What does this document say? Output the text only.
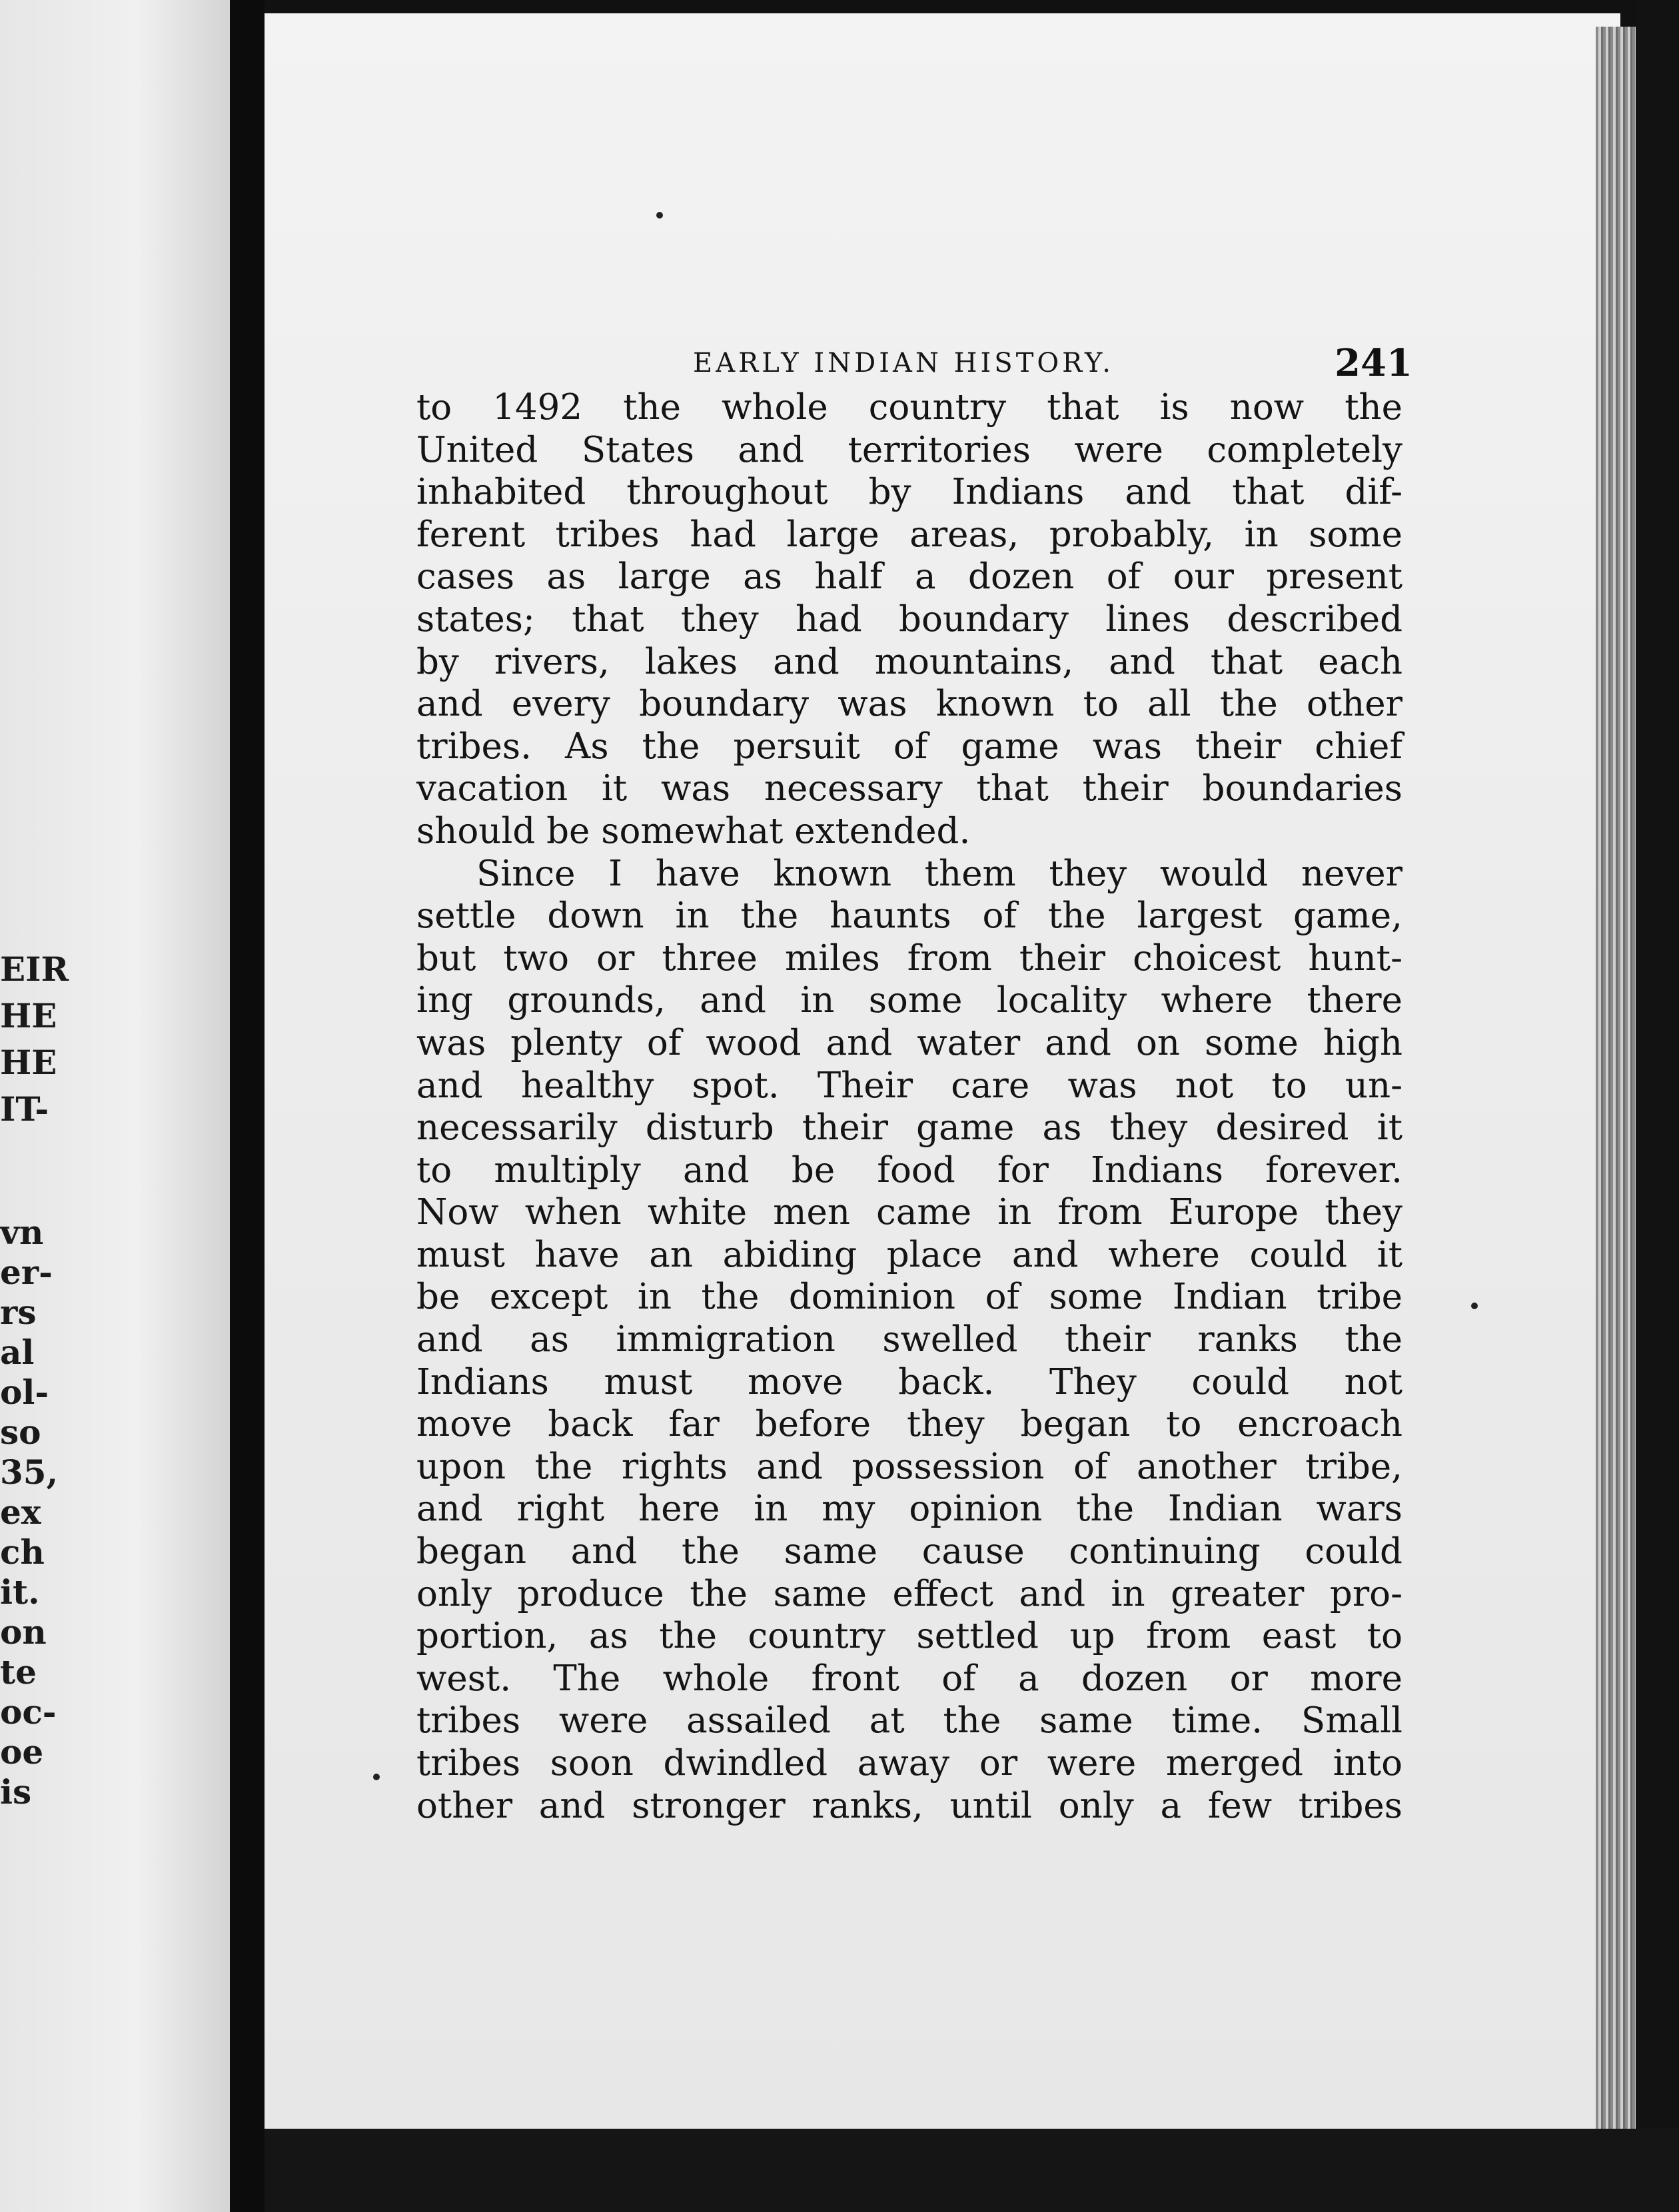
EIR
HE
HE
IT-
vn
er-
rs
al
ol-
so
35,
ex
ch
it.
on
te
oc-
oe
is
EARLY INDIAN HISTORY.	241
to 1492 the whole country that is now the
United States and territories were completely
inhabited throughout by Indians and that dif-
ferent tribes had large areas, probably, in some
cases as large as half a dozen of our present
states; that they had boundary lines described
by rivers, lakes and mountains, and that each
and every boundary was known to all the other
tribes. As the persuit of game was their chief
vacation it was necessary that their boundaries
should be somewhat extended.
Since I have known them they would never
settle down in the haunts of the largest game,
but two or three miles from their choicest hunt-
ing grounds, and in some locality where there
was plenty of wood and water and on some high
and healthy spot. Their care was not to un-
necessarily disturb their game as they desired it
to multiply and be food for Indians forever.
Now when white men came in from Europe they
must have an abiding place and where could it
be except in the dominion of some Indian tribe
and as immigration swelled their ranks the
Indians must move back. They could not
move back far before they began to encroach
upon the rights and possession of another tribe,
and right here in my opinion the Indian wars
began and the same cause continuing could
only produce the same effect and in greater pro-
portion, as the country settled up from east to
west. The whole front of a dozen or more
tribes were assailed at the same time. Small
tribes soon dwindled away or were merged into
other and stronger ranks, until only a few tribes
